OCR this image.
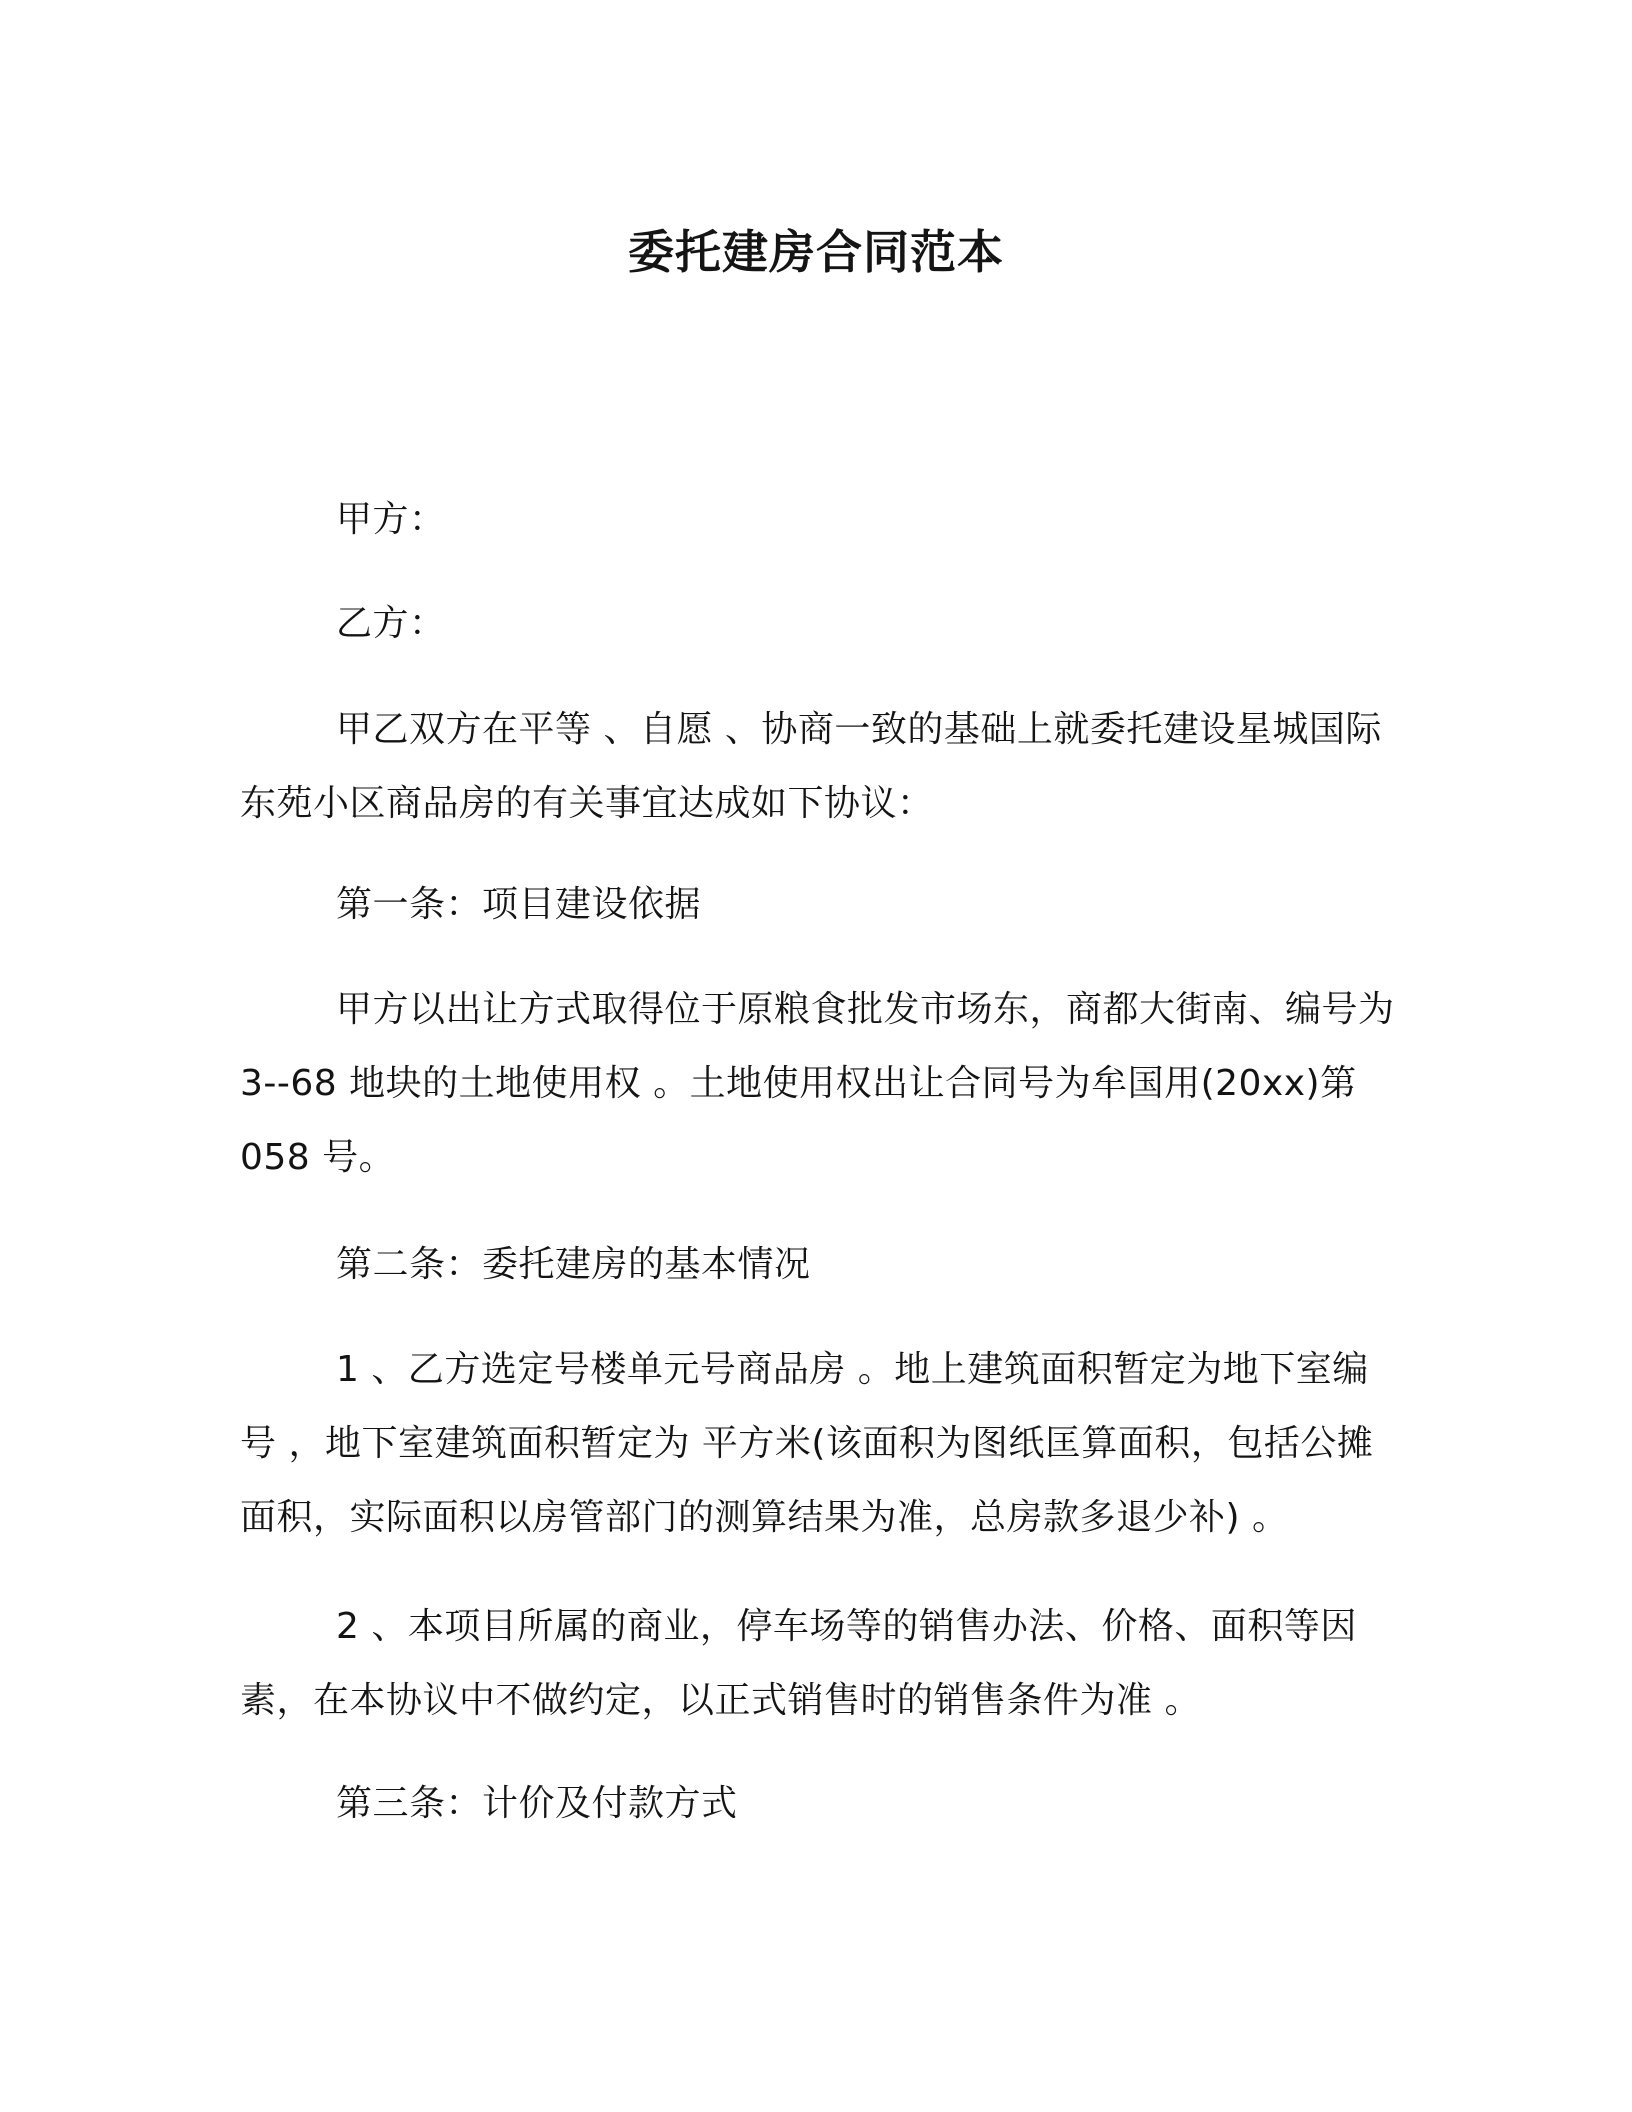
委托建房合同范本

甲方：

乙方：

甲乙双方在平等 、自愿 、协商一致的基础上就委托建设星城国际东苑小区商品房的有关事宜达成如下协议：

第一条：项目建设依据

甲方以出让方式取得位于原粮食批发市场东，商都大街南、编号为 3--68 地块的土地使用权 。土地使用权出让合同号为牟国用(20xx)第 058 号。

第二条：委托建房的基本情况

1 、乙方选定号楼单元号商品房 。地上建筑面积暂定为地下室编号 ，地下室建筑面积暂定为 平方米(该面积为图纸匡算面积，包括公摊面积，实际面积以房管部门的测算结果为准，总房款多退少补) 。

2 、本项目所属的商业，停车场等的销售办法、价格、面积等因素，在本协议中不做约定，以正式销售时的销售条件为准 。

第三条：计价及付款方式
